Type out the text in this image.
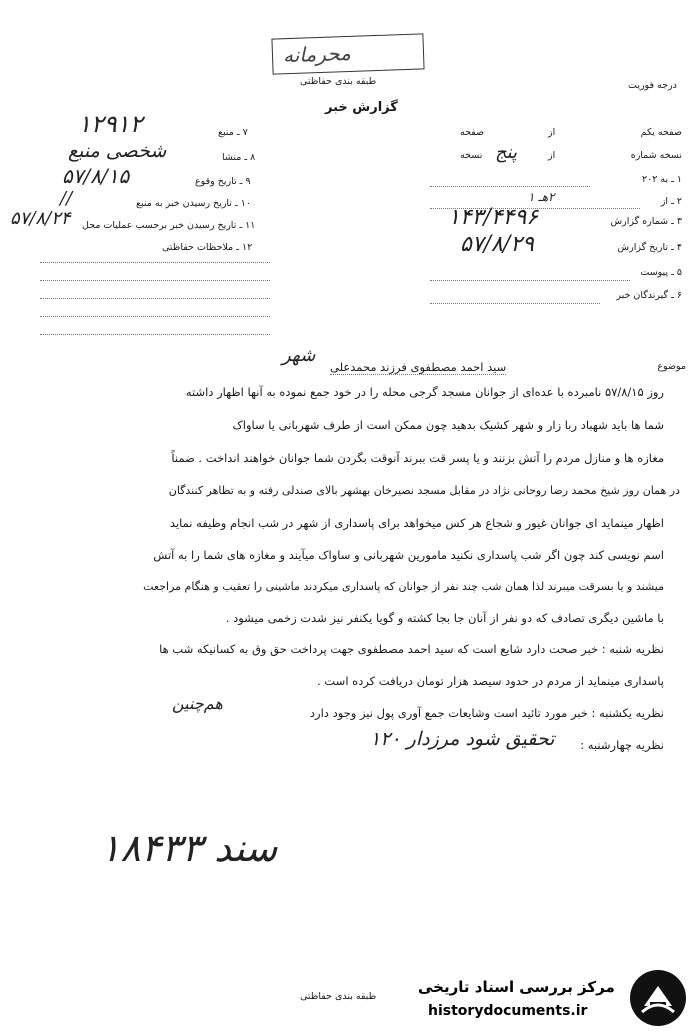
محرمانه
طبقه بندی حفاظتی	درجه فوریت
گزارش خبر
صفحه یکم
از
صفحه
نسخه شماره
از
پنج
نسخه
۱ ـ به ۲۰۲
۲ ـ از
۲هـ ۱
۳ ـ شماره گزارش
۱۴۳/۴۴۹۶
۴ ـ تاریخ گزارش
۵۷/۸/۲۹
۵ ـ پیوست
۶ ـ گیرندگان خبر
۷ ـ منبع
۱۲۹۱۲
۸ ـ منشا
شخصی منبع
۹ ـ تاریخ وقوع
۵۷/۸/۱۵
۱۰ ـ تاریخ رسیدن خبر به منبع
//
۱۱ ـ تاریخ رسیدن خبر برحسب عملیات محل
۵۷/۸/۲۴
۱۲ ـ ملاحظات حفاظتی
موضوع
سید احمد مصطفوی فرزند محمدعلی
شهر
روز ۵۷/۸/۱۵ نامبرده با عده‌ای از جوانان مسجد گرجی محله را در خود جمع نموده به آنها اظهار داشته
شما ها باید شهباد ربا زار و شهر کشیک بدهید چون ممکن است از طرف شهربانی یا ساواک
مغازه ها و منازل مردم را آتش بزنند و یا پسر قت ببرند آنوقت بگردن شما جوانان خواهند انداخت . ضمناً
در همان روز شیخ محمد رضا روحانی نژاد در مقابل مسجد نصیرخان بهشهر بالای صندلی رفته و به تظاهر کنندگان
اظهار مینماید ای جوانان غیور و شجاع هر کس میخواهد برای پاسداری از شهر در شب انجام وظیفه نماید
اسم نویسی کند چون اگر شب پاسداری نکنید مامورین شهربانی و ساواک میآیند و مغازه های شما را به آتش
میشند و یا بسرقت میبرند لذا همان شب چند نفر از جوانان که پاسداری میکردند ماشینی را تعقیب و هنگام مراجعت
با ماشین دیگری تصادف که دو نفر از آنان جا بجا کشته و گویا یکنفر نیز شدت زخمی میشود .
نظریه شنبه : خبر صحت دارد شایع است که سید احمد مصطفوی جهت پرداخت حق وق به کسانیکه شب ها
پاسداری مینماید از مردم در حدود سیصد هزار تومان دریافت کرده است .
نظریه یکشنبه : خبر مورد تائید است وشایعات جمع آوری پول نیز وجود دارد
هم‌چنین
نظریه چهارشنبه :
تحقیق شود مرزدار ۱۲۰
سند ۱۸۴۳۳
طبقه بندی حفاظتی
مرکز بررسی اسناد تاریخی
historydocuments.ir
